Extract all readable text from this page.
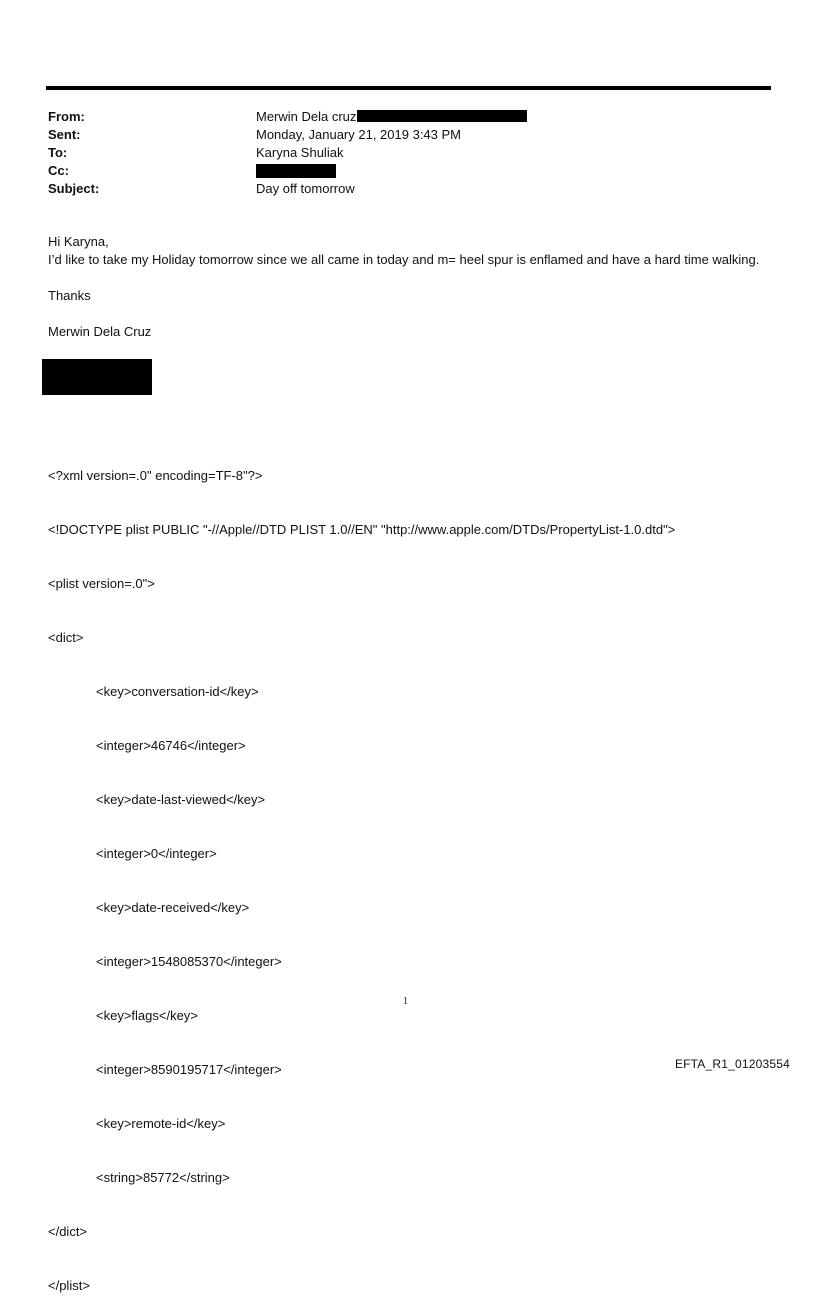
From:	Merwin Dela cruz
Sent:	Monday, January 21, 2019 3:43 PM
To:	Karyna Shuliak
Cc:
Subject:	Day off tomorrow

Hi Karyna,

I’d like to take my Holiday tomorrow since we all came in today and m= heel spur is enflamed and have a hard time walking.

Thanks

Merwin Dela Cruz

<?xml version=.0" encoding=TF-8"?>

<!DOCTYPE plist PUBLIC "-//Apple//DTD PLIST 1.0//EN" "http://www.apple.com/DTDs/PropertyList-1.0.dtd">

<plist version=.0">

<dict>

<key>conversation-id</key>

<integer>46746</integer>

<key>date-last-viewed</key>

<integer>0</integer>

<key>date-received</key>

<integer>1548085370</integer>

<key>flags</key>

<integer>8590195717</integer>

<key>remote-id</key>

<string>85772</string>

</dict>

</plist>

1
EFTA_R1_01203554
